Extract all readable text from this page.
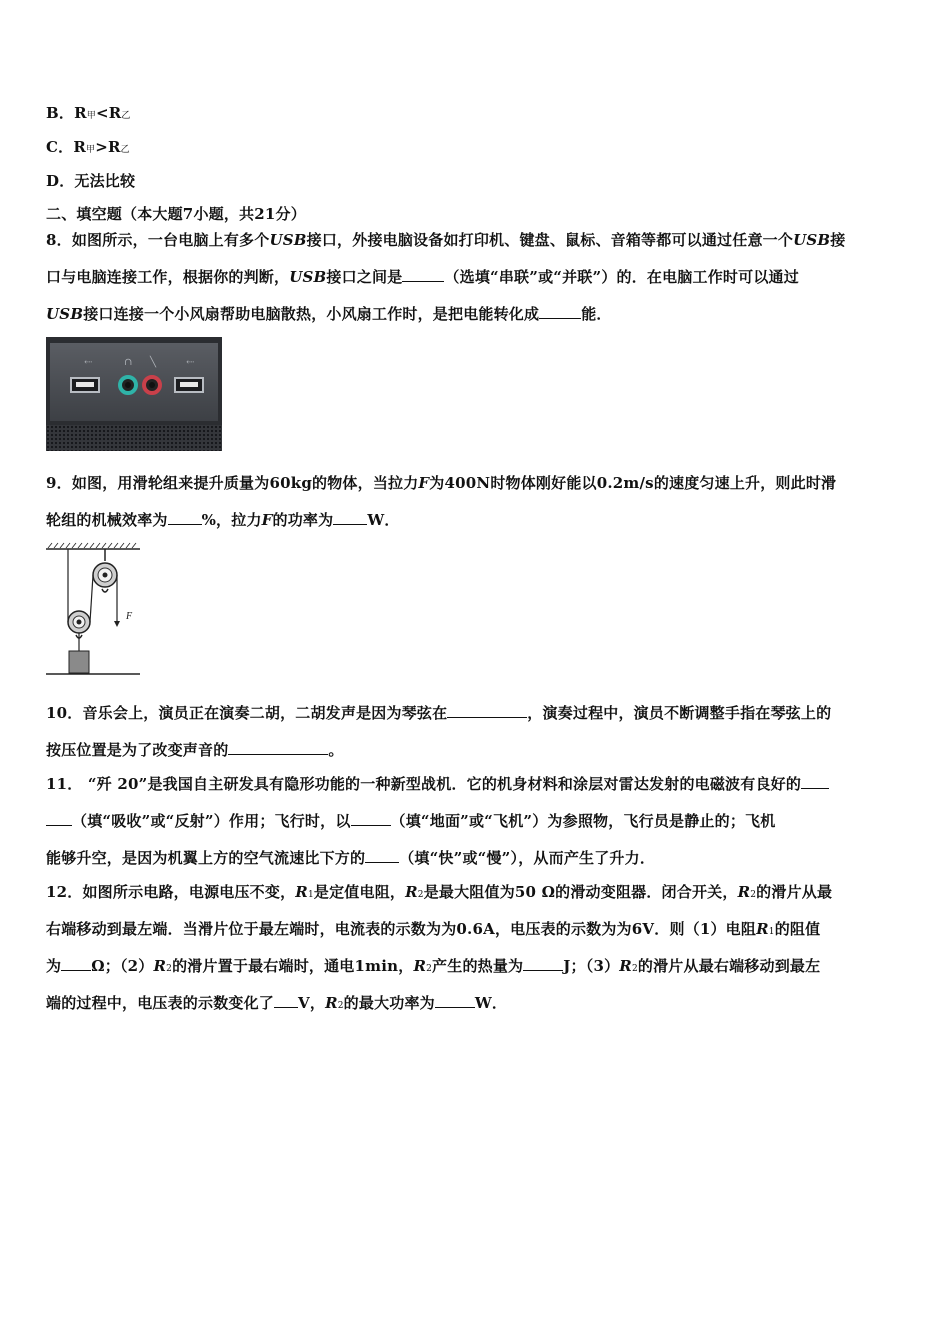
B．R甲<R乙
C．R甲>R乙
D．无法比较
二、填空题（本大题7小题，共21分）
8．如图所示，一台电脑上有多个USB接口，外接电脑设备如打印机、键盘、鼠标、音箱等都可以通过任意一个USB接
口与电脑连接工作，根据你的判断，USB接口之间是	（选填“串联”或“并联”）的．在电脑工作时可以通过
USB接口连接一个小风扇帮助电脑散热，小风扇工作时，是把电能转化成	能．
⇠	∩ ╲	⇠
9．如图，用滑轮组来提升质量为60kg的物体，当拉力F为400N时物体刚好能以0.2m/s的速度匀速上升，则此时滑
轮组的机械效率为 %，拉力F的功率为 W．
F
10．音乐会上，演员正在演奏二胡，二胡发声是因为琴弦在	，演奏过程中，演员不断调整手指在琴弦上的
按压位置是为了改变声音的	。
11． “歼 20”是我国自主研发具有隐形功能的一种新型战机．它的机身材料和涂层对雷达发射的电磁波有良好的
（填“吸收”或“反射”）作用；飞行时，以	（填“地面”或“飞机”）为参照物，飞行员是静止的；飞机
能够升空，是因为机翼上方的空气流速比下方的 （填“快”或“慢”），从而产生了升力．
12．如图所示电路，电源电压不变，R1是定值电阻，R2是最大阻值为50 Ω的滑动变阻器．闭合开关，R2的滑片从最
右端移动到最左端．当滑片位于最左端时，电流表的示数为为0.6A，电压表的示数为为6V．则（1）电阻R1的阻值
为 Ω；（2）R2的滑片置于最右端时，通电1min，R2产生的热量为	J；（3）R2的滑片从最右端移动到最左
端的过程中，电压表的示数变化了 V，R2的最大功率为	W．
